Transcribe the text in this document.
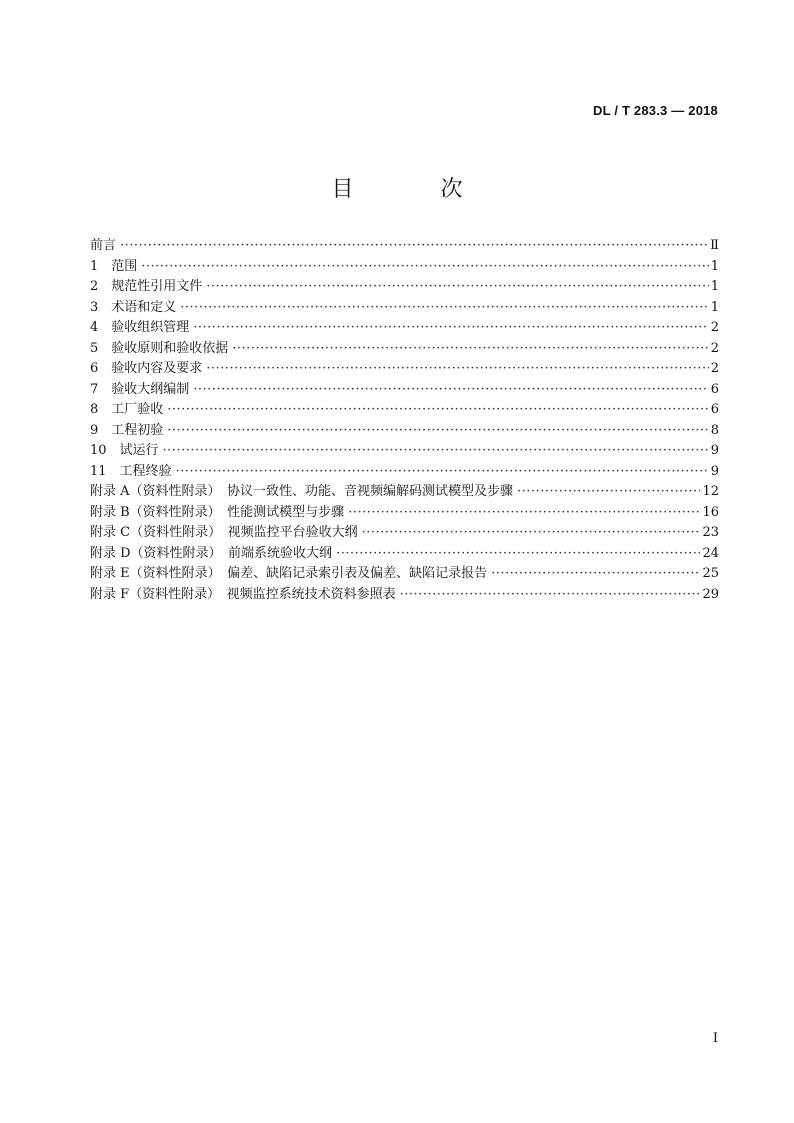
DL / T 283.3 — 2018
目 次
前言 ·····	Ⅱ
1　范围 ·····	1
2　规范性引用文件 ·····	1
3　术语和定义 ·····	1
4　验收组织管理 ·····	2
5　验收原则和验收依据 ·····	2
6　验收内容及要求 ·····	2
7　验收大纲编制 ·····	6
8　工厂验收 ·····	6
9　工程初验 ·····	8
10　试运行 ·····	9
11　工程终验 ·····	9
附录 A（资料性附录）　协议一致性、功能、音视频编解码测试模型及步骤 ·····	12
附录 B（资料性附录）　性能测试模型与步骤 ·····	16
附录 C（资料性附录）　视频监控平台验收大纲 ·····	23
附录 D（资料性附录）　前端系统验收大纲 ·····	24
附录 E（资料性附录）　偏差、缺陷记录索引表及偏差、缺陷记录报告 ·····	25
附录 F（资料性附录）　视频监控系统技术资料参照表 ·····	29
I
